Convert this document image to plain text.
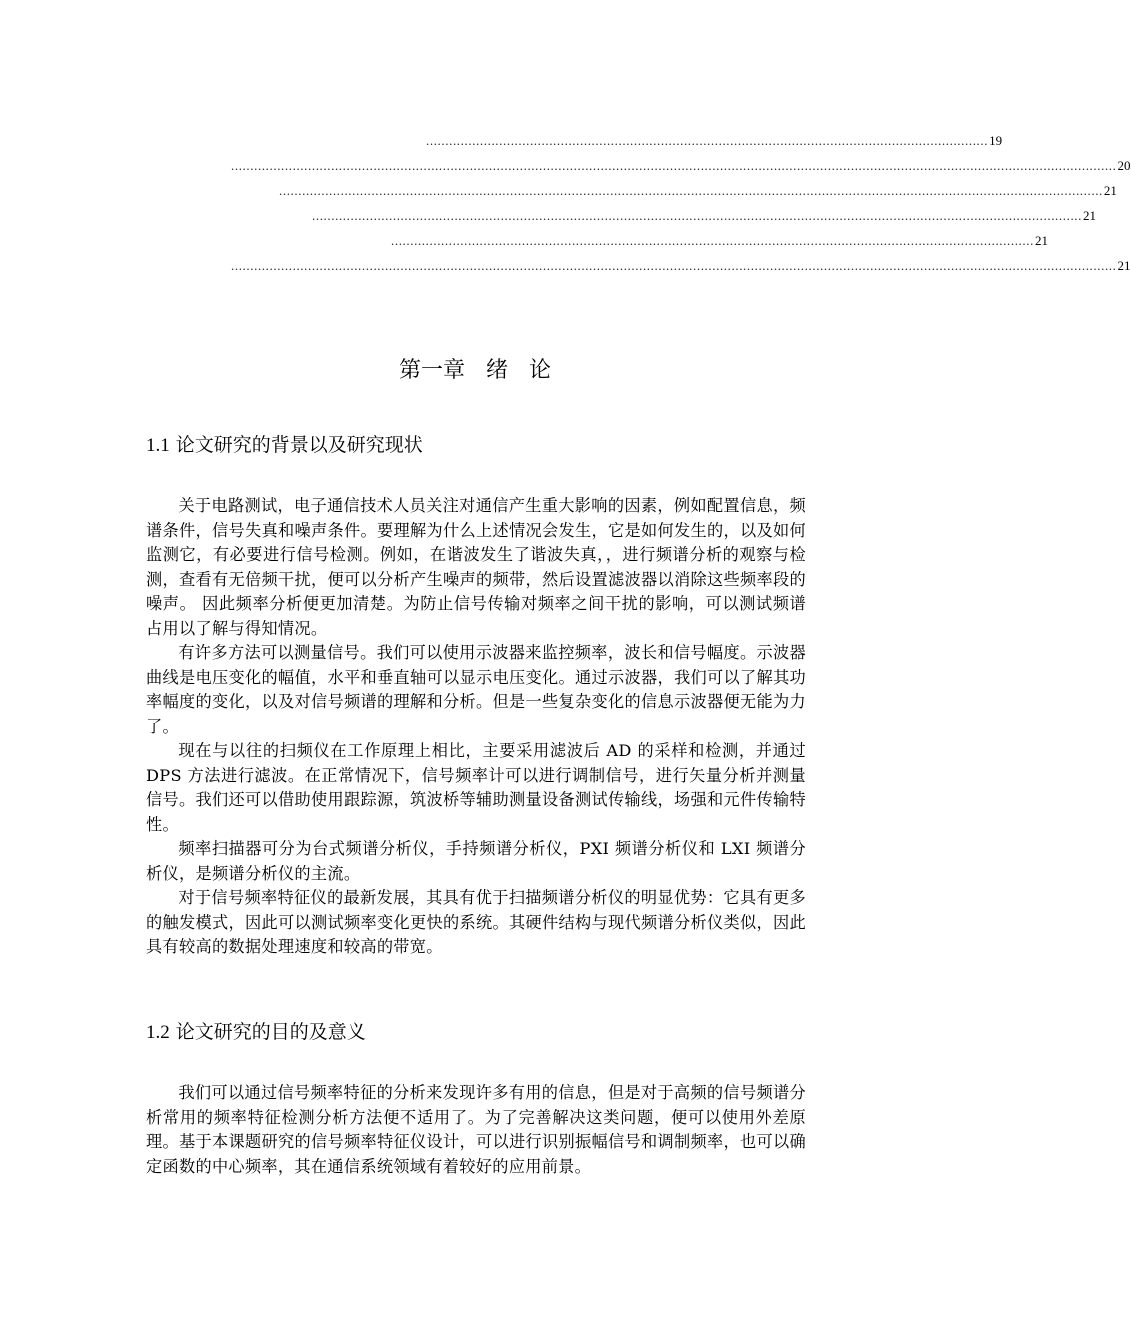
.................................................................................................................................................. 19
...................................................................................................................................................................................................................................... 20
...................................................................................................................................................................................................................... 21
........................................................................................................................................................................................................ 21
....................................................................................................................................................................... 21
...................................................................................................................................................................................................................................... 21
第一章 绪 论
1.1 论文研究的背景以及研究现状

关于电路测试，电子通信技术人员关注对通信产生重大影响的因素，例如配置信息，频谱条件，信号失真和噪声条件。要理解为什么上述情况会发生，它是如何发生的，以及如何监测它，有必要进行信号检测。例如，在谐波发生了谐波失真，，进行频谱分析的观察与检测，查看有无倍频干扰，便可以分析产生噪声的频带，然后设置滤波器以消除这些频率段的噪声。 因此频率分析便更加清楚。为防止信号传输对频率之间干扰的影响，可以测试频谱占用以了解与得知情况。

有许多方法可以测量信号。我们可以使用示波器来监控频率，波长和信号幅度。示波器曲线是电压变化的幅值，水平和垂直轴可以显示电压变化。通过示波器，我们可以了解其功率幅度的变化，以及对信号频谱的理解和分析。但是一些复杂变化的信息示波器便无能为力了。

现在与以往的扫频仪在工作原理上相比，主要采用滤波后 AD 的采样和检测，并通过 DPS 方法进行滤波。在正常情况下，信号频率计可以进行调制信号，进行矢量分析并测量信号。我们还可以借助使用跟踪源，筑波桥等辅助测量设备测试传输线，场强和元件传输特性。

频率扫描器可分为台式频谱分析仪，手持频谱分析仪，PXI 频谱分析仪和 LXI 频谱分析仪，是频谱分析仪的主流。

对于信号频率特征仪的最新发展，其具有优于扫描频谱分析仪的明显优势：它具有更多的触发模式，因此可以测试频率变化更快的系统。其硬件结构与现代频谱分析仪类似，因此具有较高的数据处理速度和较高的带宽。

1.2 论文研究的目的及意义

我们可以通过信号频率特征的分析来发现许多有用的信息，但是对于高频的信号频谱分析常用的频率特征检测分析方法便不适用了。为了完善解决这类问题，便可以使用外差原理。基于本课题研究的信号频率特征仪设计，可以进行识别振幅信号和调制频率，也可以确定函数的中心频率，其在通信系统领域有着较好的应用前景。
